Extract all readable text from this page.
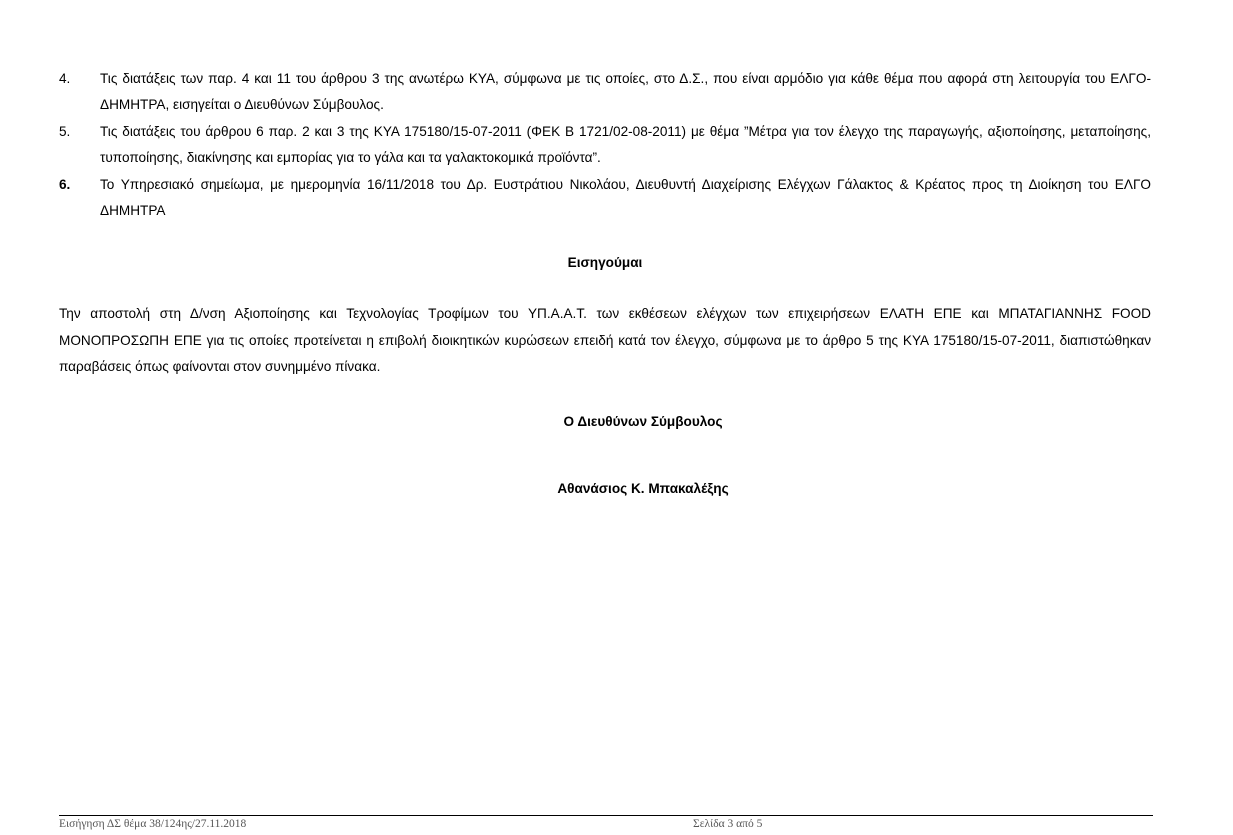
4.	Τις διατάξεις των παρ. 4 και 11 του άρθρου 3 της ανωτέρω ΚΥΑ, σύμφωνα με τις οποίες, στο Δ.Σ., που είναι αρμόδιο για κάθε θέμα που αφορά στη λειτουργία του ΕΛΓΟ- ΔΗΜΗΤΡΑ, εισηγείται ο Διευθύνων Σύμβουλος.
5.	Τις διατάξεις του άρθρου 6 παρ. 2 και 3 της ΚΥΑ 175180/15-07-2011 (ΦΕΚ Β 1721/02-08-2011) με θέμα ”Μέτρα για τον έλεγχο της παραγωγής, αξιοποίησης, μεταποίησης, τυποποίησης, διακίνησης και εμπορίας για το γάλα και τα γαλακτοκομικά προϊόντα”.
6.	Το Υπηρεσιακό σημείωμα, με ημερομηνία 16/11/2018 του Δρ. Ευστράτιου Νικολάου, Διευθυντή Διαχείρισης Ελέγχων Γάλακτος & Κρέατος προς τη Διοίκηση του ΕΛΓΟ ΔΗΜΗΤΡΑ
Εισηγούμαι
Την αποστολή στη Δ/νση Αξιοποίησης και Τεχνολογίας Τροφίμων του ΥΠ.Α.Α.Τ. των εκθέσεων ελέγχων των επιχειρήσεων ΕΛΑΤΗ ΕΠΕ και ΜΠΑΤΑΓΙΑΝΝΗΣ FOOD ΜΟΝΟΠΡΟΣΩΠΗ ΕΠΕ για τις οποίες προτείνεται η επιβολή διοικητικών κυρώσεων επειδή κατά τον έλεγχο, σύμφωνα με το άρθρο 5 της ΚΥΑ 175180/15-07-2011, διαπιστώθηκαν παραβάσεις όπως φαίνονται στον συνημμένο πίνακα.
Ο Διευθύνων Σύμβουλος
Αθανάσιος Κ. Μπακαλέξης
Εισήγηση ΔΣ θέμα 38/124ης/27.11.2018	Σελίδα 3 από 5
